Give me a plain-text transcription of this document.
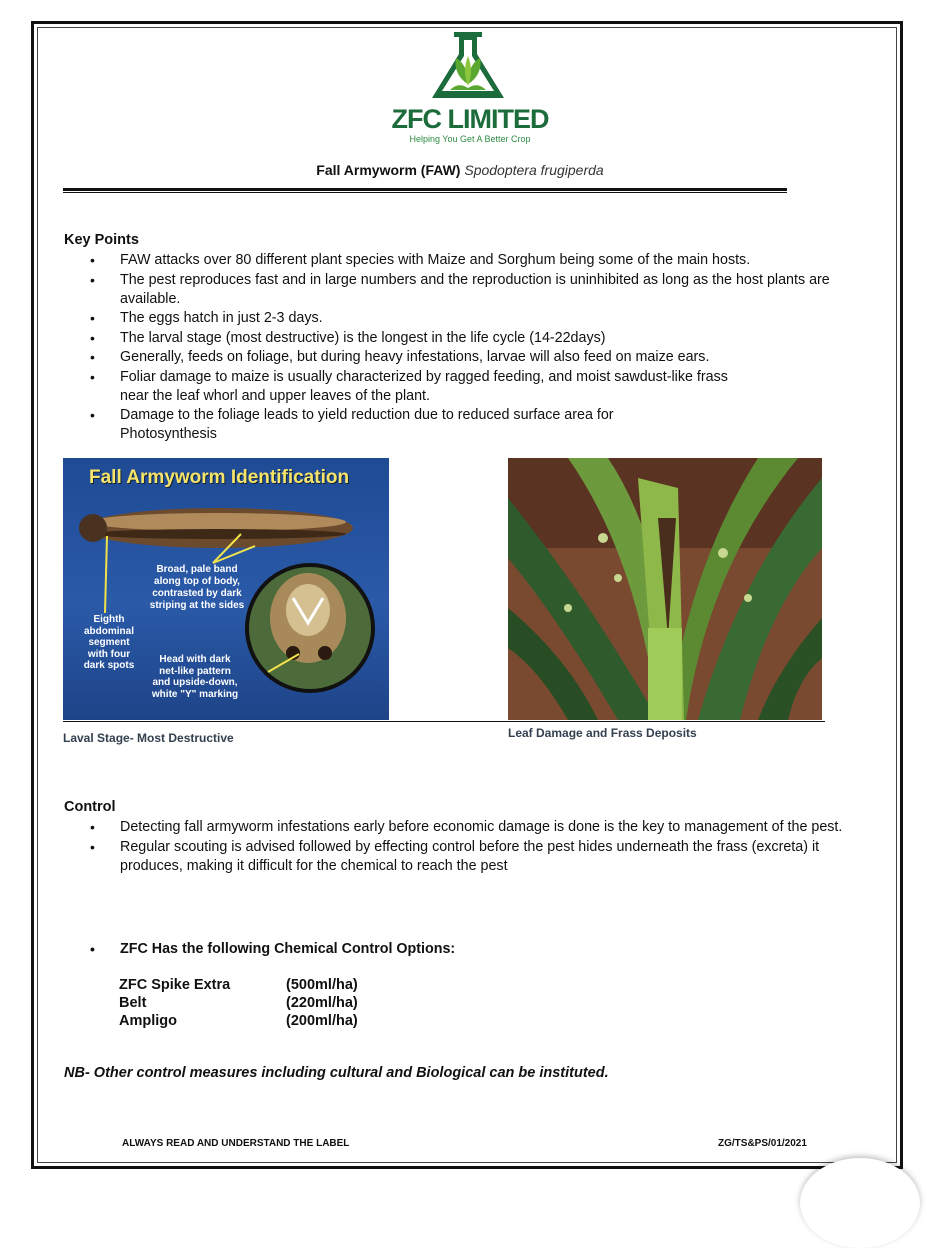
ZFC LIMITED
Helping You Get A Better Crop
Fall Armyworm (FAW) Spodoptera frugiperda
Key Points
• FAW attacks over 80 different plant species with Maize and Sorghum being some of the main hosts.
• The pest reproduces fast and in large numbers and the reproduction is uninhibited as long as the host plants are available.
• The eggs hatch in just 2-3 days.
• The larval stage (most destructive) is the longest in the life cycle (14-22days)
• Generally, feeds on foliage, but during heavy infestations, larvae will also feed on maize ears.
• Foliar damage to maize is usually characterized by ragged feeding, and moist sawdust-like frass near the leaf whorl and upper leaves of the plant.
• Damage to the foliage leads to yield reduction due to reduced surface area for Photosynthesis
Fall Armyworm Identification
Broad, pale band
along top of body,
contrasted by dark
striping at the sides
Eighth
abdominal
segment
with four
dark spots
Head with dark
net-like pattern
and upside-down,
white "Y" marking
Laval Stage- Most Destructive	Leaf Damage and Frass Deposits
Control
• Detecting fall armyworm infestations early before economic damage is done is the key to management of the pest.
• Regular scouting is advised followed by effecting control before the pest hides underneath the frass (excreta) it produces, making it difficult for the chemical to reach the pest
• ZFC Has the following Chemical Control Options:
ZFC Spike Extra	(500ml/ha)
Belt	(220ml/ha)
Ampligo	(200ml/ha)
NB- Other control measures including cultural and Biological can be instituted.
ALWAYS READ AND UNDERSTAND THE LABEL	ZG/TS&PS/01/2021
